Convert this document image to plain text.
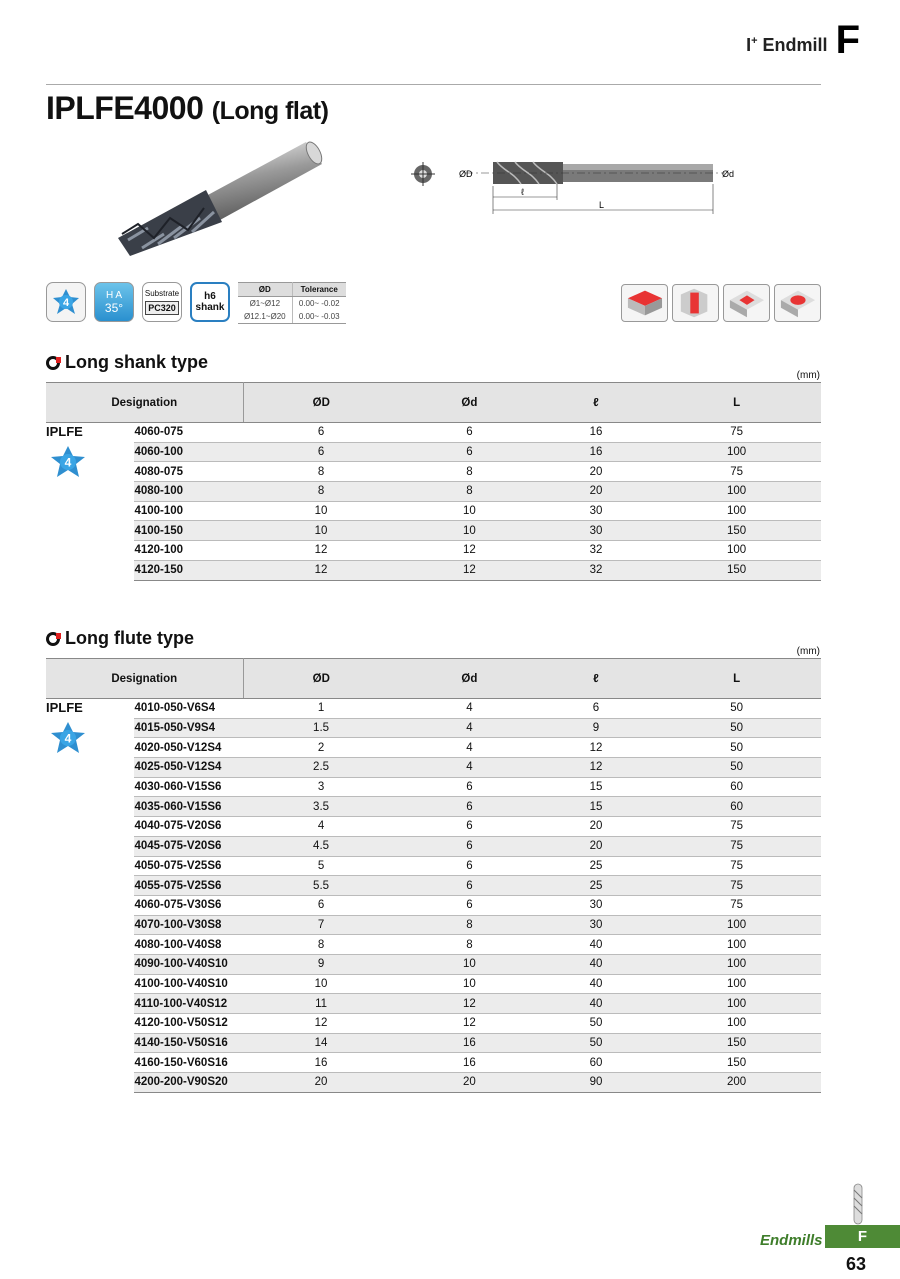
I+ Endmill F
IPLFE4000 (Long flat)
ØD	Ød
ℓ
L
4
H A
35°
Substrate
PC320
h6
shank
ØD	Tolerance
Ø1~Ø12	0.00~ -0.02
Ø12.1~Ø20	0.00~ -0.03
Long shank type
(mm)
Designation		ØD	Ød	ℓ	L
IPLFE
4	4060-075	6	6	16	75
	4060-100	6	6	16	100
	4080-075	8	8	20	75
	4080-100	8	8	20	100
	4100-100	10	10	30	100
	4100-150	10	10	30	150
	4120-100	12	12	32	100
	4120-150	12	12	32	150
Long flute type
(mm)
Designation		ØD	Ød	ℓ	L
IPLFE
4	4010-050-V6S4	1	4	6	50
	4015-050-V9S4	1.5	4	9	50
	4020-050-V12S4	2	4	12	50
	4025-050-V12S4	2.5	4	12	50
	4030-060-V15S6	3	6	15	60
	4035-060-V15S6	3.5	6	15	60
	4040-075-V20S6	4	6	20	75
	4045-075-V20S6	4.5	6	20	75
	4050-075-V25S6	5	6	25	75
	4055-075-V25S6	5.5	6	25	75
	4060-075-V30S6	6	6	30	75
	4070-100-V30S8	7	8	30	100
	4080-100-V40S8	8	8	40	100
	4090-100-V40S10	9	10	40	100
	4100-100-V40S10	10	10	40	100
	4110-100-V40S12	11	12	40	100
	4120-100-V50S12	12	12	50	100
	4140-150-V50S16	14	16	50	150
	4160-150-V60S16	16	16	60	150
	4200-200-V90S20	20	20	90	200
Endmills	F
63
